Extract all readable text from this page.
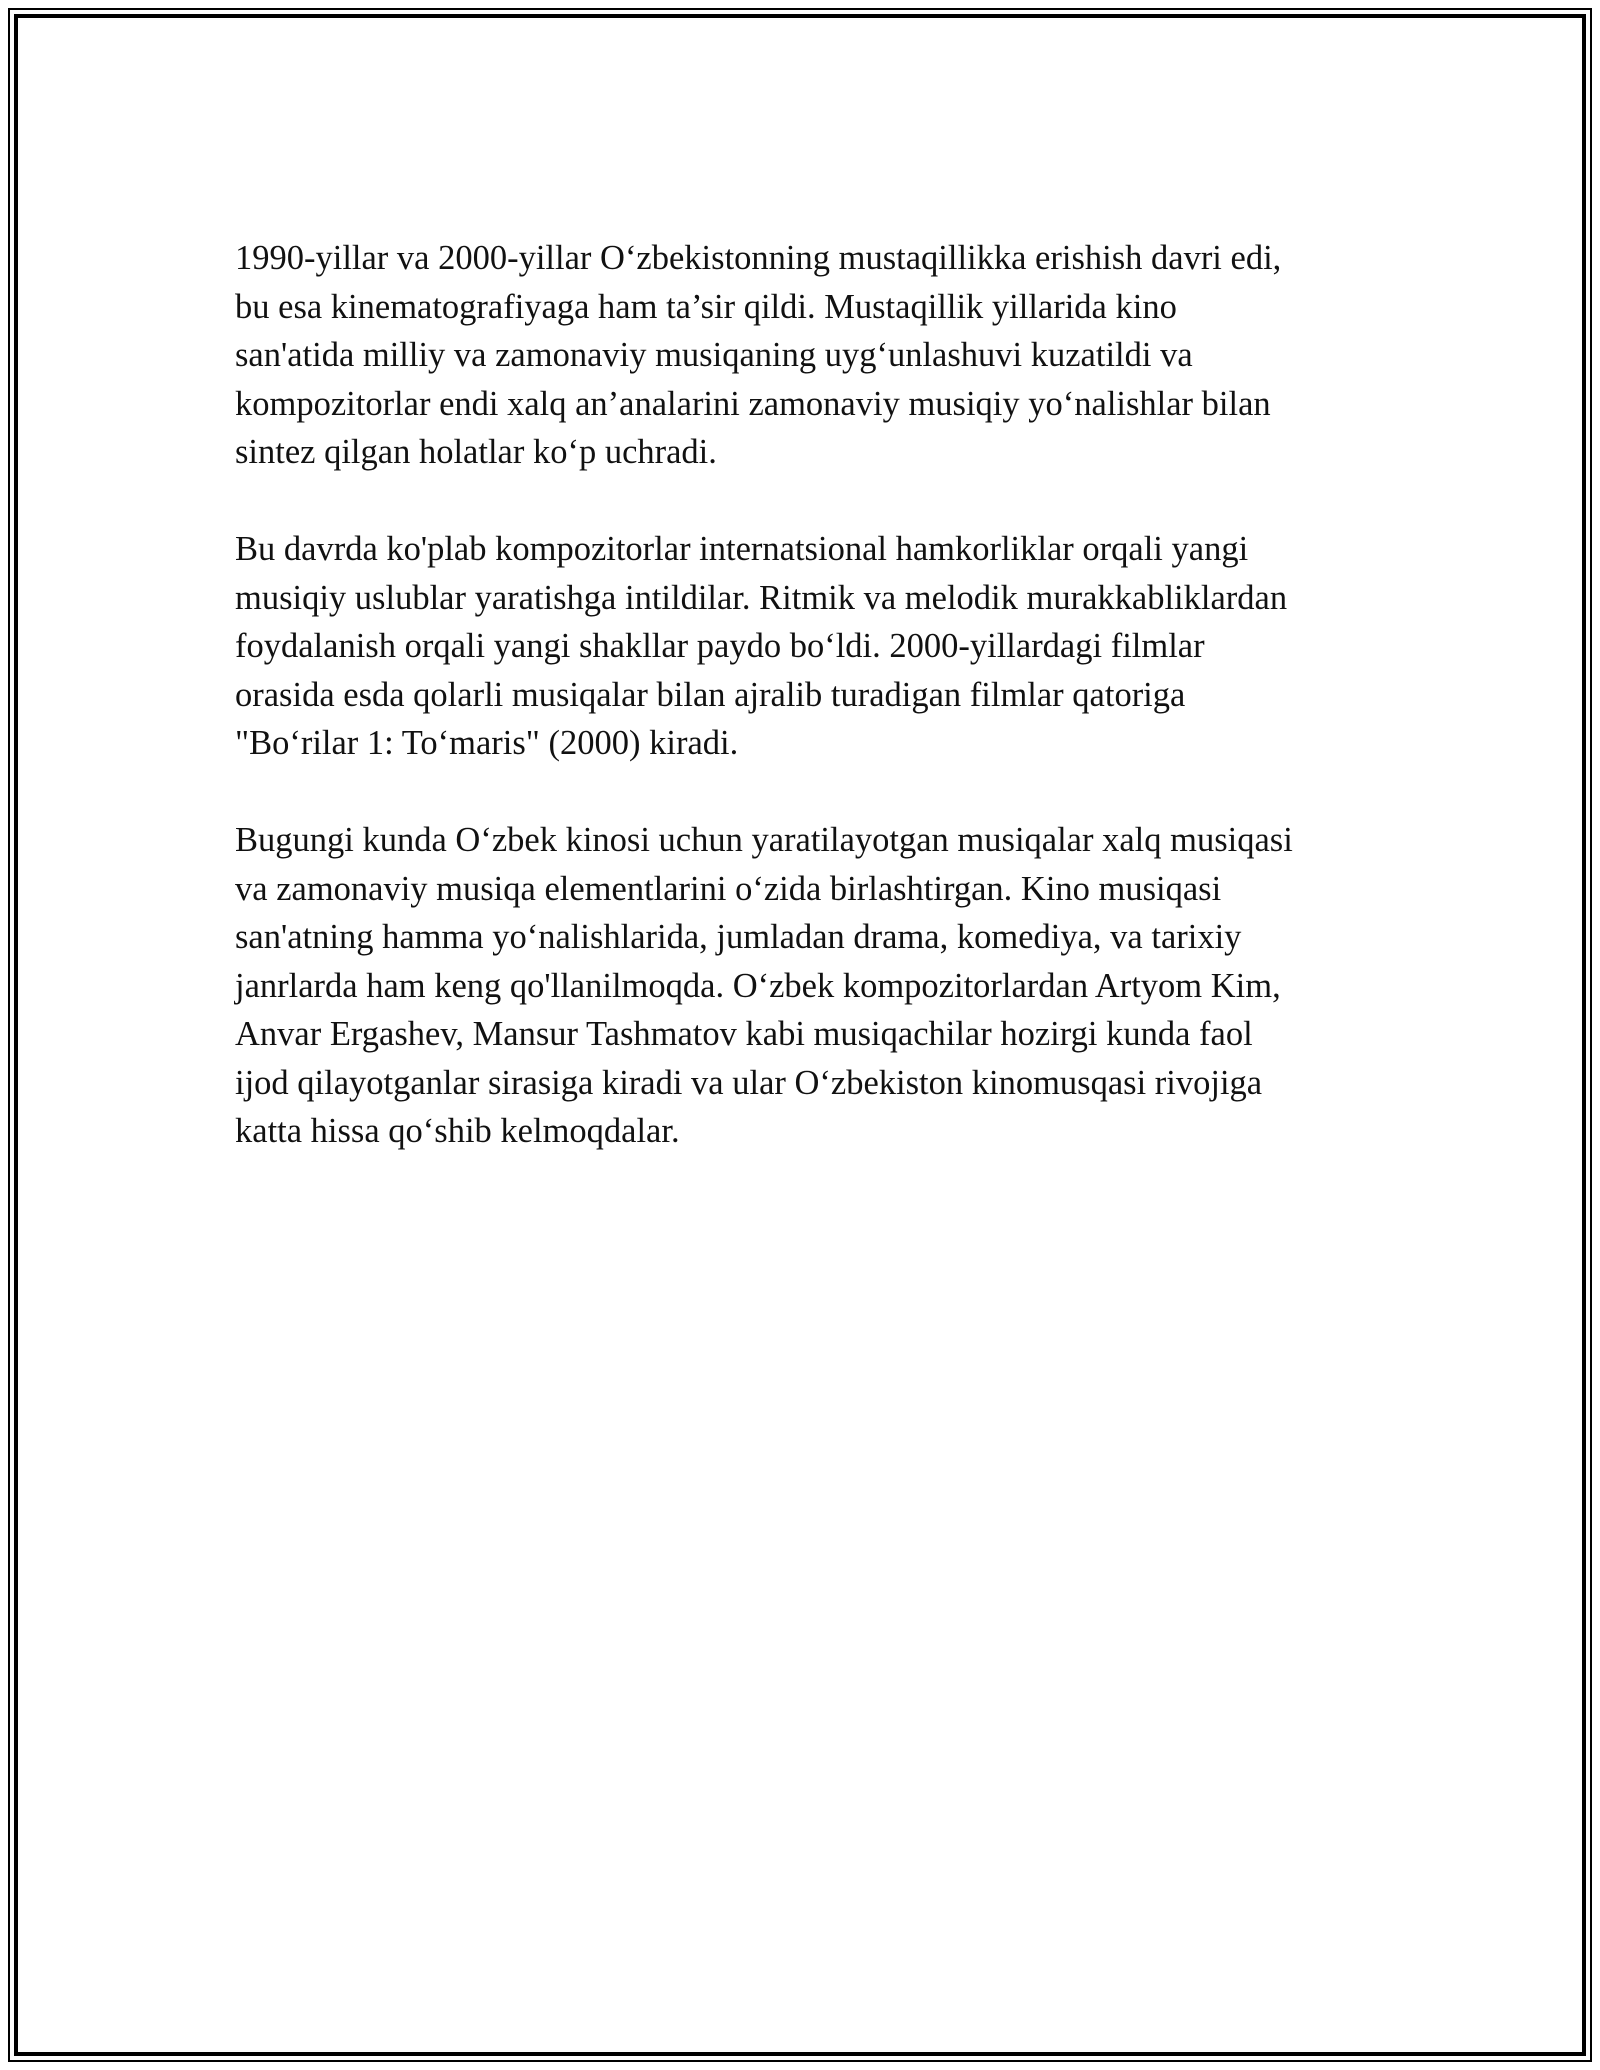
1990-yillar va 2000-yillar O‘zbekistonning mustaqillikka erishish davri edi,
bu esa kinematografiyaga ham ta’sir qildi. Mustaqillik yillarida kino
san'atida milliy va zamonaviy musiqaning uyg‘unlashuvi kuzatildi va
kompozitorlar endi xalq an’analarini zamonaviy musiqiy yo‘nalishlar bilan
sintez qilgan holatlar ko‘p uchradi.

Bu davrda ko'plab kompozitorlar internatsional hamkorliklar orqali yangi
musiqiy uslublar yaratishga intildilar. Ritmik va melodik murakkabliklardan
foydalanish orqali yangi shakllar paydo bo‘ldi. 2000-yillardagi filmlar
orasida esda qolarli musiqalar bilan ajralib turadigan filmlar qatoriga
"Bo‘rilar 1: To‘maris" (2000) kiradi.

Bugungi kunda O‘zbek kinosi uchun yaratilayotgan musiqalar xalq musiqasi
va zamonaviy musiqa elementlarini o‘zida birlashtirgan. Kino musiqasi
san'atning hamma yo‘nalishlarida, jumladan drama, komediya, va tarixiy
janrlarda ham keng qo'llanilmoqda. O‘zbek kompozitorlardan Artyom Kim,
Anvar Ergashev, Mansur Tashmatov kabi musiqachilar hozirgi kunda faol
ijod qilayotganlar sirasiga kiradi va ular O‘zbekiston kinomusqasi rivojiga
katta hissa qo‘shib kelmoqdalar.
